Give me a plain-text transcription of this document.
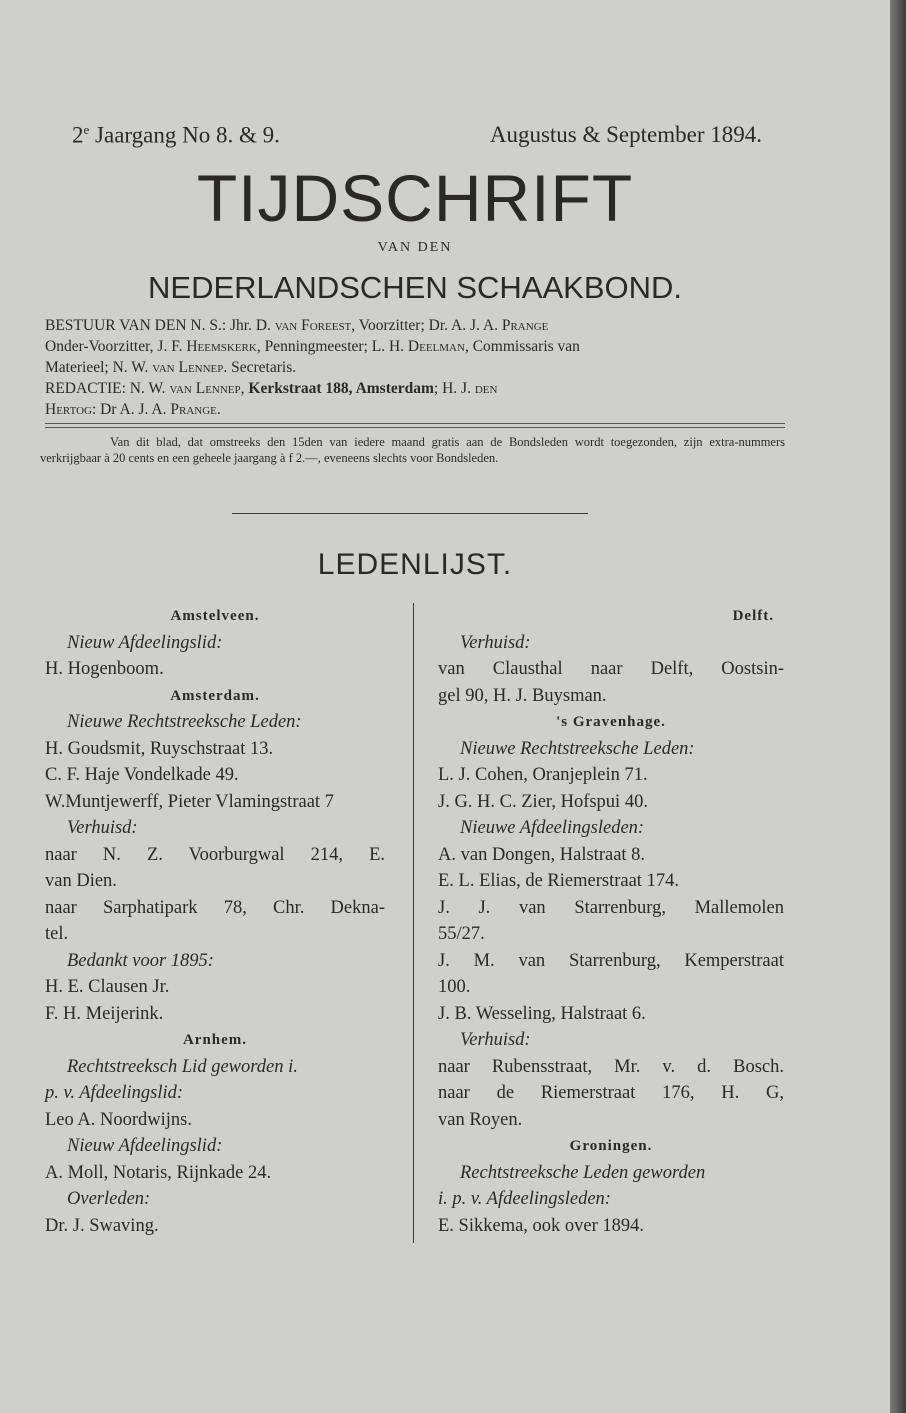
2e Jaargang No 8. & 9.	Augustus & September 1894.
TIJDSCHRIFT
VAN DEN
NEDERLANDSCHEN SCHAAKBOND.
BESTUUR VAN DEN N. S.: Jhr. D. van Foreest, Voorzitter; Dr. A. J. A. Prange
Onder-Voorzitter, J. F. Heemskerk, Penningmeester; L. H. Deelman, Commissaris van
Materieel; N. W. van Lennep. Secretaris.
REDACTIE: N. W. van Lennep, Kerkstraat 188, Amsterdam; H. J. den
Hertog: Dr A. J. A. Prange.
Van dit blad, dat omstreeks den 15den van iedere maand gratis aan de Bondsleden wordt toegezonden, zijn extra-nummers verkrijgbaar à 20 cents en een geheele jaargang à f 2.—, eveneens slechts voor Bondsleden.
LEDENLIJST.
Amstelveen.
Nieuw Afdeelingslid:
H. Hogenboom.
Amsterdam.
Nieuwe Rechtstreeksche Leden:
H. Goudsmit, Ruyschstraat 13.
C. F. Haje Vondelkade 49.
W.Muntjewerff, Pieter Vlamingstraat 7
Verhuisd:
naar N. Z. Voorburgwal 214, E.
van Dien.
naar Sarphatipark 78, Chr. Dekna-
tel.
Bedankt voor 1895:
H. E. Clausen Jr.
F. H. Meijerink.
Arnhem.
Rechtstreeksch Lid geworden i.
p. v. Afdeelingslid:
Leo A. Noordwijns.
Nieuw Afdeelingslid:
A. Moll, Notaris, Rijnkade 24.
Overleden:
Dr. J. Swaving.
Delft.
Verhuisd:
van Clausthal naar Delft, Oostsin-
gel 90, H. J. Buysman.
's Gravenhage.
Nieuwe Rechtstreeksche Leden:
L. J. Cohen, Oranjeplein 71.
J. G. H. C. Zier, Hofspui 40.
Nieuwe Afdeelingsleden:
A. van Dongen, Halstraat 8.
E. L. Elias, de Riemerstraat 174.
J. J. van Starrenburg, Mallemolen
55/27.
J. M. van Starrenburg, Kemperstraat
100.
J. B. Wesseling, Halstraat 6.
Verhuisd:
naar Rubensstraat, Mr. v. d. Bosch.
naar de Riemerstraat 176, H. G,
van Royen.
Groningen.
Rechtstreeksche Leden geworden
i. p. v. Afdeelingsleden:
E. Sikkema, ook over 1894.
